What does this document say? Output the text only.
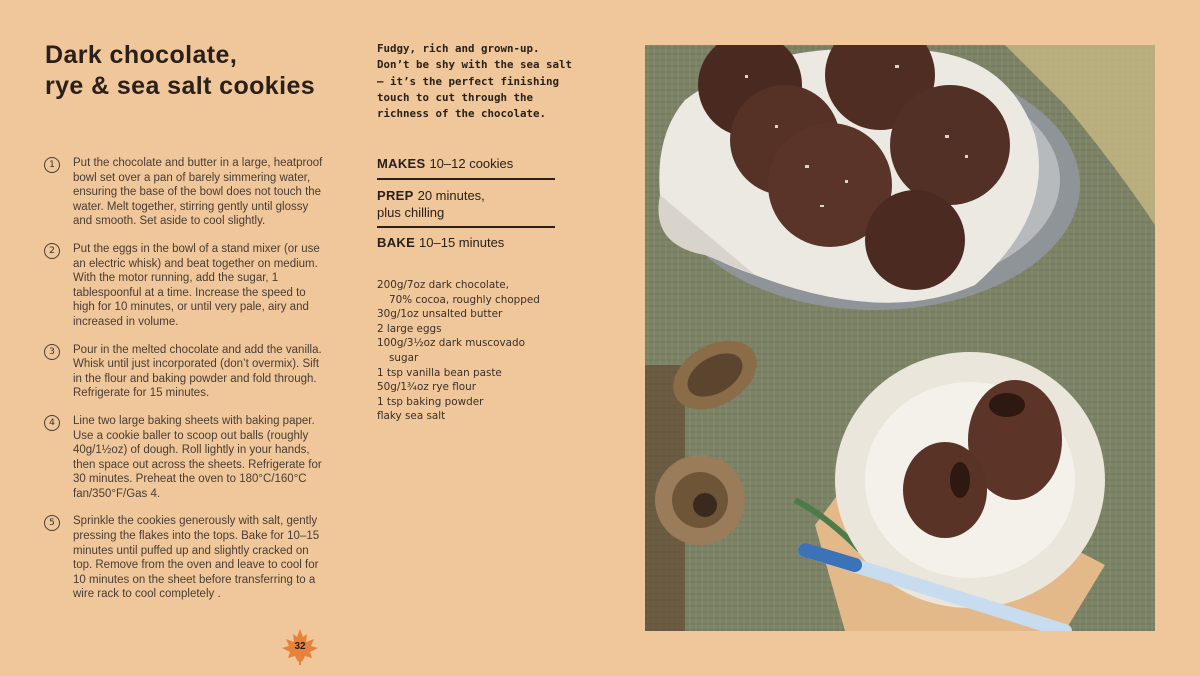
Dark chocolate,
rye & sea salt cookies
1	Put the chocolate and butter in a large, heatproof bowl set over a pan of barely simmering water, ensuring the base of the bowl does not touch the water. Melt together, stirring gently until glossy and smooth. Set aside to cool slightly.
2	Put the eggs in the bowl of a stand mixer (or use an electric whisk) and beat together on medium. With the motor running, add the sugar, 1 tablespoonful at a time. Increase the speed to high for 10 minutes, or until very pale, airy and increased in volume.
3	Pour in the melted chocolate and add the vanilla. Whisk until just incorporated (don’t overmix). Sift in the flour and baking powder and fold through. Refrigerate for 15 minutes.
4	Line two large baking sheets with baking paper. Use a cookie baller to scoop out balls (roughly 40g/1½oz) of dough. Roll lightly in your hands, then space out across the sheets. Refrigerate for 30 minutes. Preheat the oven to 180°C/160°C fan/350°F/Gas 4.
5	Sprinkle the cookies generously with salt, gently pressing the flakes into the tops. Bake for 10–15 minutes until puffed up and slightly cracked on top. Remove from the oven and leave to cool for 10 minutes on the sheet before transferring to a wire rack to cool completely .
Fudgy, rich and grown-up.
Don’t be shy with the sea salt
– it’s the perfect finishing
touch to cut through the
richness of the chocolate.
MAKES 10–12 cookies
PREP 20 minutes,
plus chilling
BAKE 10–15 minutes
200g/7oz dark chocolate,
70% cocoa, roughly chopped
30g/1oz unsalted butter
2 large eggs
100g/3½oz dark muscovado
sugar
1 tsp vanilla bean paste
50g/1¾oz rye flour
1 tsp baking powder
flaky sea salt
32
